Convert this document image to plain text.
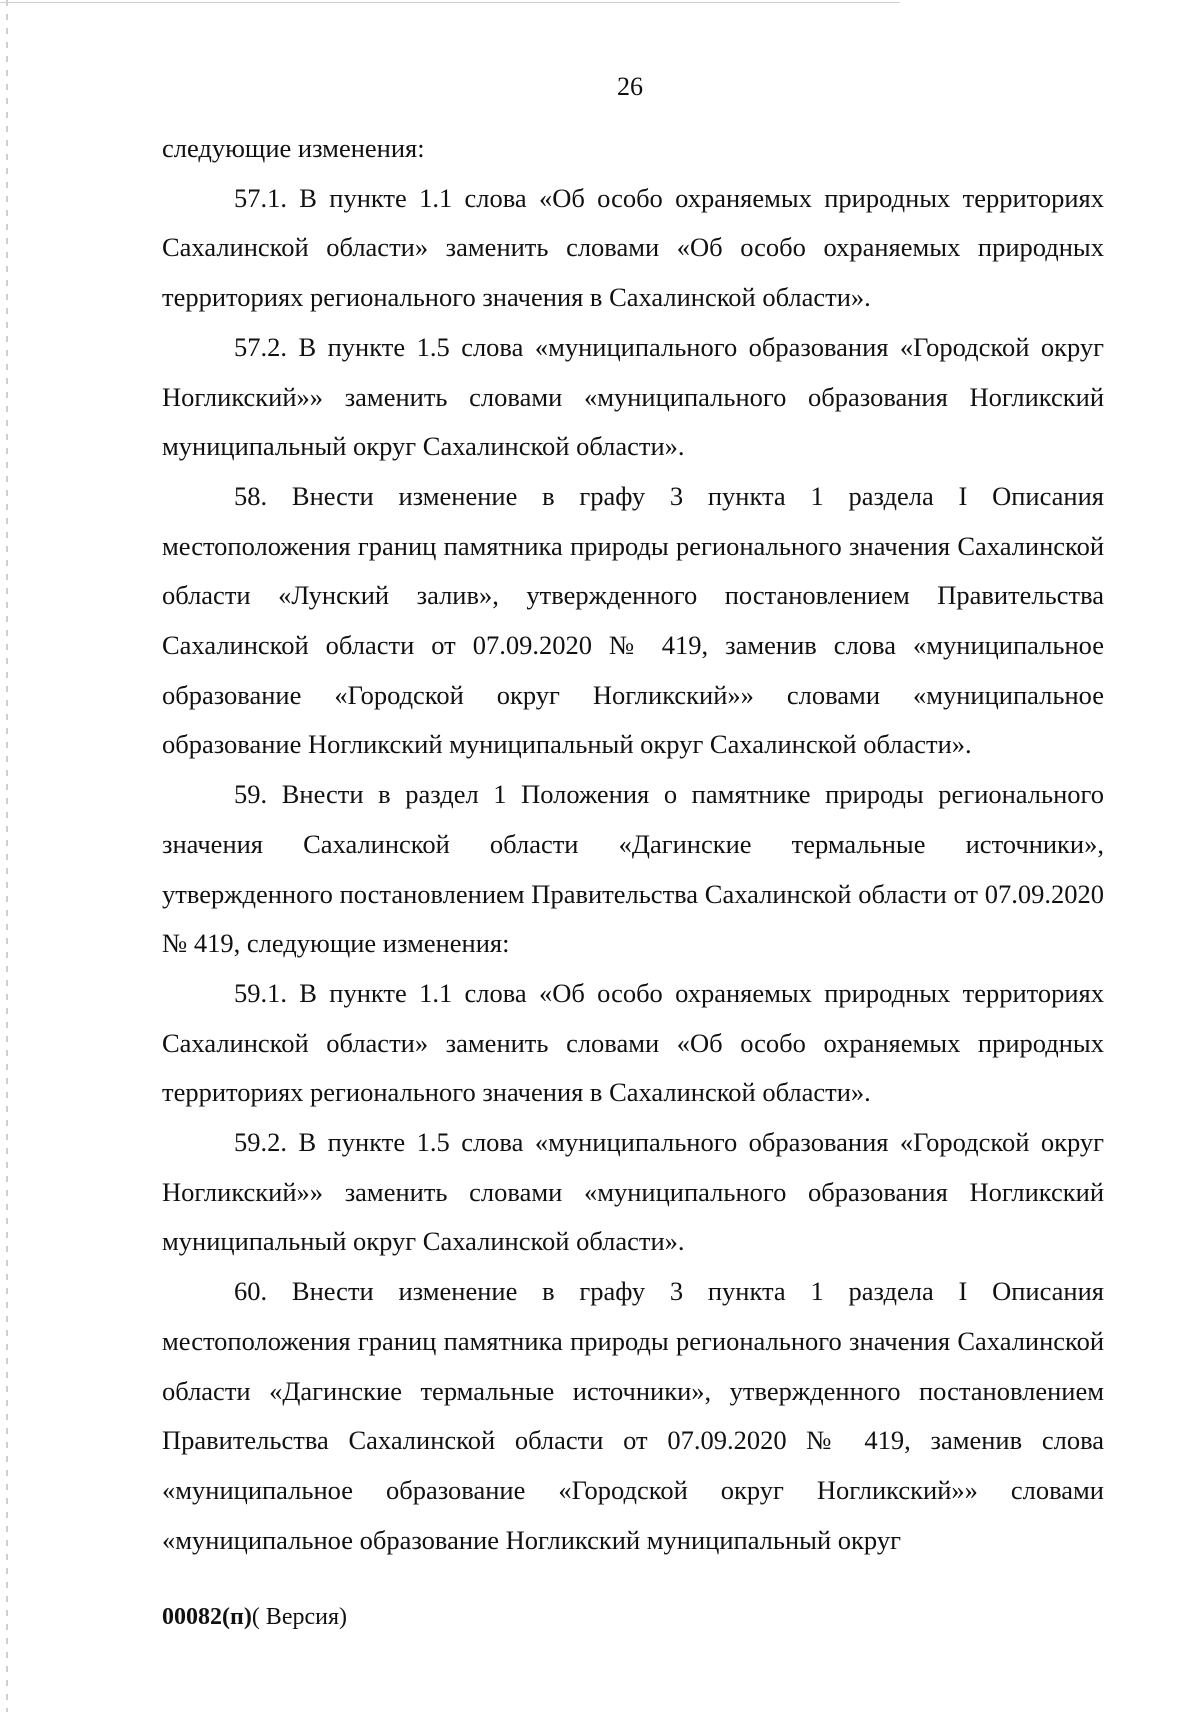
26

следующие изменения:

57.1. В пункте 1.1 слова «Об особо охраняемых природных территориях Сахалинской области» заменить словами «Об особо охраняемых природных территориях регионального значения в Сахалинской области».

57.2. В пункте 1.5 слова «муниципального образования «Городской округ Ногликский»» заменить словами «муниципального образования Ногликский муниципальный округ Сахалинской области».

58. Внести изменение в графу 3 пункта 1 раздела I Описания местоположения границ памятника природы регионального значения Сахалинской области «Лунский залив», утвержденного постановлением Правительства Сахалинской области от 07.09.2020 № 419, заменив слова «муниципальное образование «Городской округ Ногликский»» словами «муниципальное образование Ногликский муниципальный округ Сахалинской области».

59. Внести в раздел 1 Положения о памятнике природы регионального значения Сахалинской области «Дагинские термальные источники», утвержденного постановлением Правительства Сахалинской области от 07.09.2020 № 419, следующие изменения:

59.1. В пункте 1.1 слова «Об особо охраняемых природных территориях Сахалинской области» заменить словами «Об особо охраняемых природных территориях регионального значения в Сахалинской области».

59.2. В пункте 1.5 слова «муниципального образования «Городской округ Ногликский»» заменить словами «муниципального образования Ногликский муниципальный округ Сахалинской области».

60. Внести изменение в графу 3 пункта 1 раздела I Описания местоположения границ памятника природы регионального значения Сахалинской области «Дагинские термальные источники», утвержденного постановлением Правительства Сахалинской области от 07.09.2020 № 419, заменив слова «муниципальное образование «Городской округ Ногликский»» словами «муниципальное образование Ногликский муниципальный округ

00082(п)( Версия)
